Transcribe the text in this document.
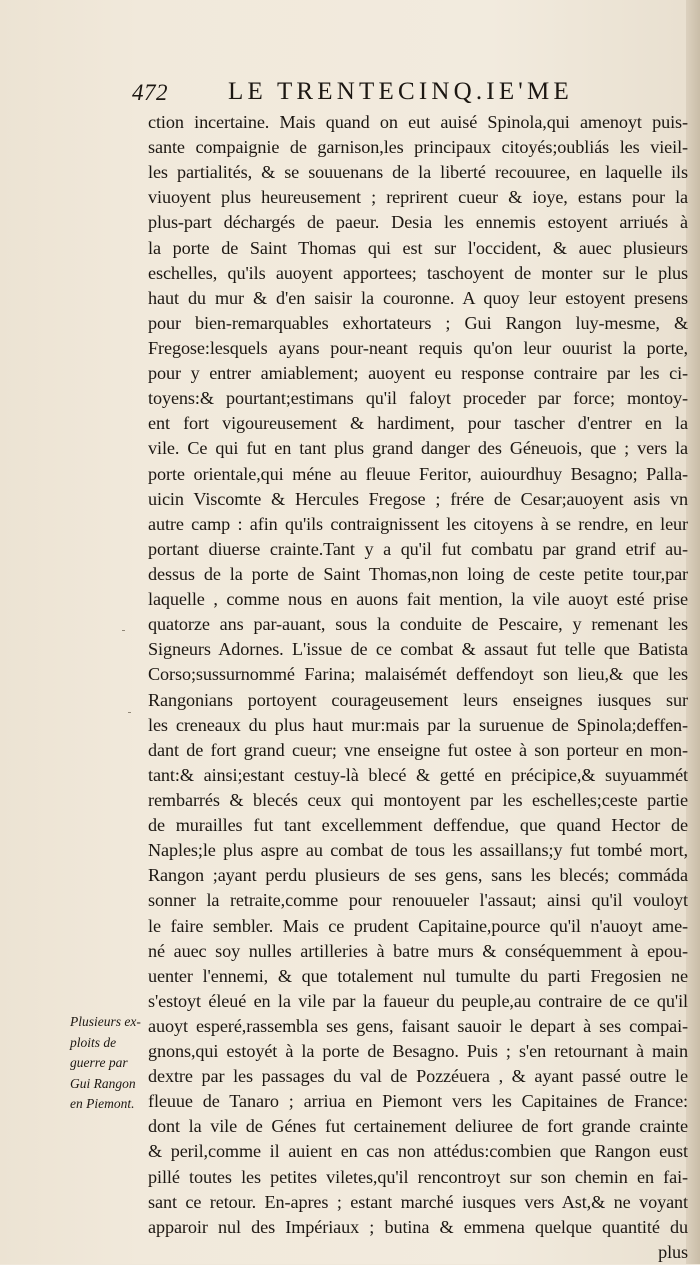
472 LE TRENTECINQ.IE'ME
ction incertaine. Mais quand on eut auisé Spinola,qui amenoyt puis-
sante compaignie de garnison,les principaux citoyés;oubliás les vieil-
les partialités, & se souuenans de la liberté recouuree, en laquelle ils
viuoyent plus heureusement ; reprirent cueur & ioye, estans pour la
plus-part déchargés de paeur. Desia les ennemis estoyent arriués à
la porte de Saint Thomas qui est sur l'occident, & auec plusieurs
eschelles, qu'ils auoyent apportees; taschoyent de monter sur le plus
haut du mur & d'en saisir la couronne. A quoy leur estoyent presens
pour bien-remarquables exhortateurs ; Gui Rangon luy-mesme, &
Fregose:lesquels ayans pour-neant requis qu'on leur ouurist la porte,
pour y entrer amiablement; auoyent eu response contraire par les ci-
toyens:& pourtant;estimans qu'il faloyt proceder par force; montoy-
ent fort vigoureusement & hardiment, pour tascher d'entrer en la
vile. Ce qui fut en tant plus grand danger des Géneuois, que ; vers la
porte orientale,qui méne au fleuue Feritor, auiourdhuy Besagno; Palla-
uicin Viscomte & Hercules Fregose ; frére de Cesar;auoyent asis vn
autre camp : afin qu'ils contraignissent les citoyens à se rendre, en leur
portant diuerse crainte.Tant y a qu'il fut combatu par grand etrif au-
dessus de la porte de Saint Thomas,non loing de ceste petite tour,par
laquelle , comme nous en auons fait mention, la vile auoyt esté prise
quatorze ans par-auant, sous la conduite de Pescaire, y remenant les
Signeurs Adornes. L'issue de ce combat & assaut fut telle que Batista
Corso;sussurnommé Farina; malaisémét deffendoyt son lieu,& que les
Rangonians portoyent courageusement leurs enseignes iusques sur
les creneaux du plus haut mur:mais par la suruenue de Spinola;deffen-
dant de fort grand cueur; vne enseigne fut ostee à son porteur en mon-
tant:& ainsi;estant cestuy-là blecé & getté en précipice,& suyuammét
rembarrés & blecés ceux qui montoyent par les eschelles;ceste partie
de murailles fut tant excellemment deffendue, que quand Hector de
Naples;le plus aspre au combat de tous les assaillans;y fut tombé mort,
Rangon ;ayant perdu plusieurs de ses gens, sans les blecés; commáda
sonner la retraite,comme pour renouueler l'assaut; ainsi qu'il vouloyt
le faire sembler. Mais ce prudent Capitaine,pource qu'il n'auoyt ame-
né auec soy nulles artilleries à batre murs & conséquemment à epou-
uenter l'ennemi, & que totalement nul tumulte du parti Fregosien ne
s'estoyt éleué en la vile par la faueur du peuple,au contraire de ce qu'il
auoyt esperé,rassembla ses gens, faisant sauoir le depart à ses compai-
gnons,qui estoyét à la porte de Besagno. Puis ; s'en retournant à main
dextre par les passages du val de Pozzéuera , & ayant passé outre le
fleuue de Tanaro ; arriua en Piemont vers les Capitaines de France:
dont la vile de Génes fut certainement deliuree de fort grande crainte
& peril,comme il auient en cas non attédus:combien que Rangon eust
pillé toutes les petites viletes,qu'il rencontroyt sur son chemin en fai-
sant ce retour. En-apres ; estant marché iusques vers Ast,& ne voyant
apparoir nul des Impériaux ; butina & emmena quelque quantité du
plus
Plusieurs ex-
ploits de
guerre par
Gui Rangon
en Piemont.
